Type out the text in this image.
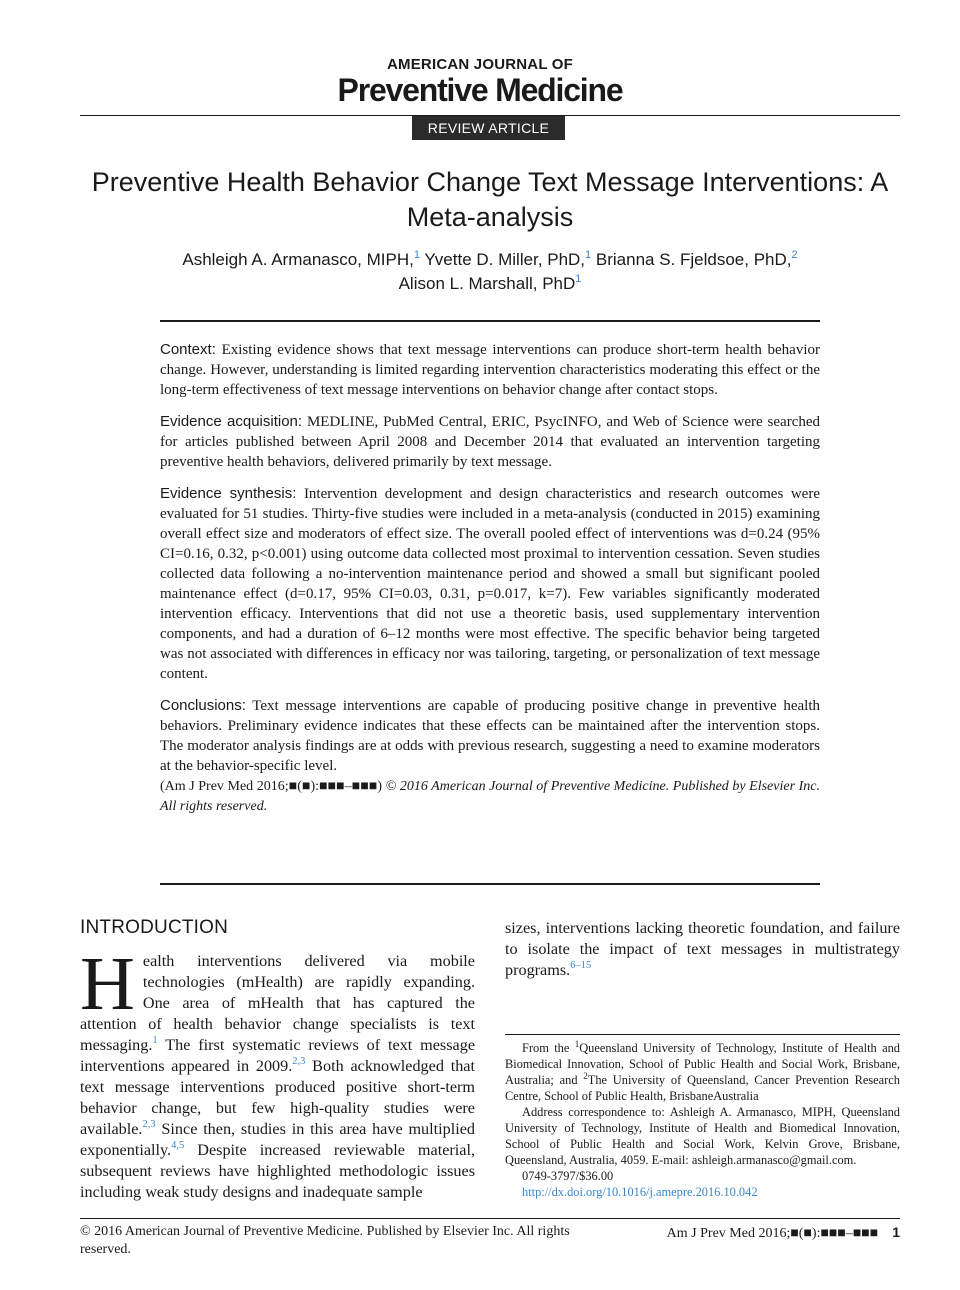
AMERICAN JOURNAL OF
Preventive Medicine
REVIEW ARTICLE
Preventive Health Behavior Change Text Message Interventions: A Meta-analysis
Ashleigh A. Armanasco, MIPH,$^1$ Yvette D. Miller, PhD,$^1$ Brianna S. Fjeldsoe, PhD,$^2$
Alison L. Marshall, PhD$^1$

Context: Existing evidence shows that text message interventions can produce short-term health behavior change. However, understanding is limited regarding intervention characteristics moderating this effect or the long-term effectiveness of text message interventions on behavior change after contact stops.

Evidence acquisition: MEDLINE, PubMed Central, ERIC, PsycINFO, and Web of Science were searched for articles published between April 2008 and December 2014 that evaluated an intervention targeting preventive health behaviors, delivered primarily by text message.

Evidence synthesis: Intervention development and design characteristics and research outcomes were evaluated for 51 studies. Thirty-five studies were included in a meta-analysis (conducted in 2015) examining overall effect size and moderators of effect size. The overall pooled effect of interventions was d=0.24 (95% CI=0.16, 0.32, p<0.001) using outcome data collected most proximal to intervention cessation. Seven studies collected data following a no-intervention maintenance period and showed a small but significant pooled maintenance effect (d=0.17, 95% CI=0.03, 0.31, p=0.017, k=7). Few variables significantly moderated intervention efficacy. Interventions that did not use a theoretic basis, used supplementary intervention components, and had a duration of 6–12 months were most effective. The specific behavior being targeted was not associated with differences in efficacy nor was tailoring, targeting, or personalization of text message content.

Conclusions: Text message interventions are capable of producing positive change in preventive health behaviors. Preliminary evidence indicates that these effects can be maintained after the intervention stops. The moderator analysis findings are at odds with previous research, suggesting a need to examine moderators at the behavior-specific level.

(Am J Prev Med 2016;■(■):■■■–■■■) © 2016 American Journal of Preventive Medicine. Published by Elsevier Inc. All rights reserved.

INTRODUCTION

Health interventions delivered via mobile technologies (mHealth) are rapidly expanding. One area of mHealth that has captured the attention of health behavior change specialists is text messaging.$^1$ The first systematic reviews of text message interventions appeared in 2009.$^{2,3}$ Both acknowledged that text message interventions produced positive short-term behavior change, but few high-quality studies were available.$^{2,3}$ Since then, studies in this area have multiplied exponentially.$^{4,5}$ Despite increased reviewable material, subsequent reviews have highlighted methodologic issues including weak study designs and inadequate sample

sizes, interventions lacking theoretic foundation, and failure to isolate the impact of text messages in multistrategy programs.$^{6-15}$

From the $^1$Queensland University of Technology, Institute of Health and Biomedical Innovation, School of Public Health and Social Work, Brisbane, Australia; and $^2$The University of Queensland, Cancer Prevention Research Centre, School of Public Health, BrisbaneAustralia

Address correspondence to: Ashleigh A. Armanasco, MIPH, Queensland University of Technology, Institute of Health and Biomedical Innovation, School of Public Health and Social Work, Kelvin Grove, Brisbane, Queensland, Australia, 4059. E-mail: ashleigh.armanasco@gmail.com.

0749-3797/$36.00

http://dx.doi.org/10.1016/j.amepre.2016.10.042

© 2016 American Journal of Preventive Medicine. Published by Elsevier Inc. All rights reserved.
Am J Prev Med 2016;■(■):■■■–■■■ 1
